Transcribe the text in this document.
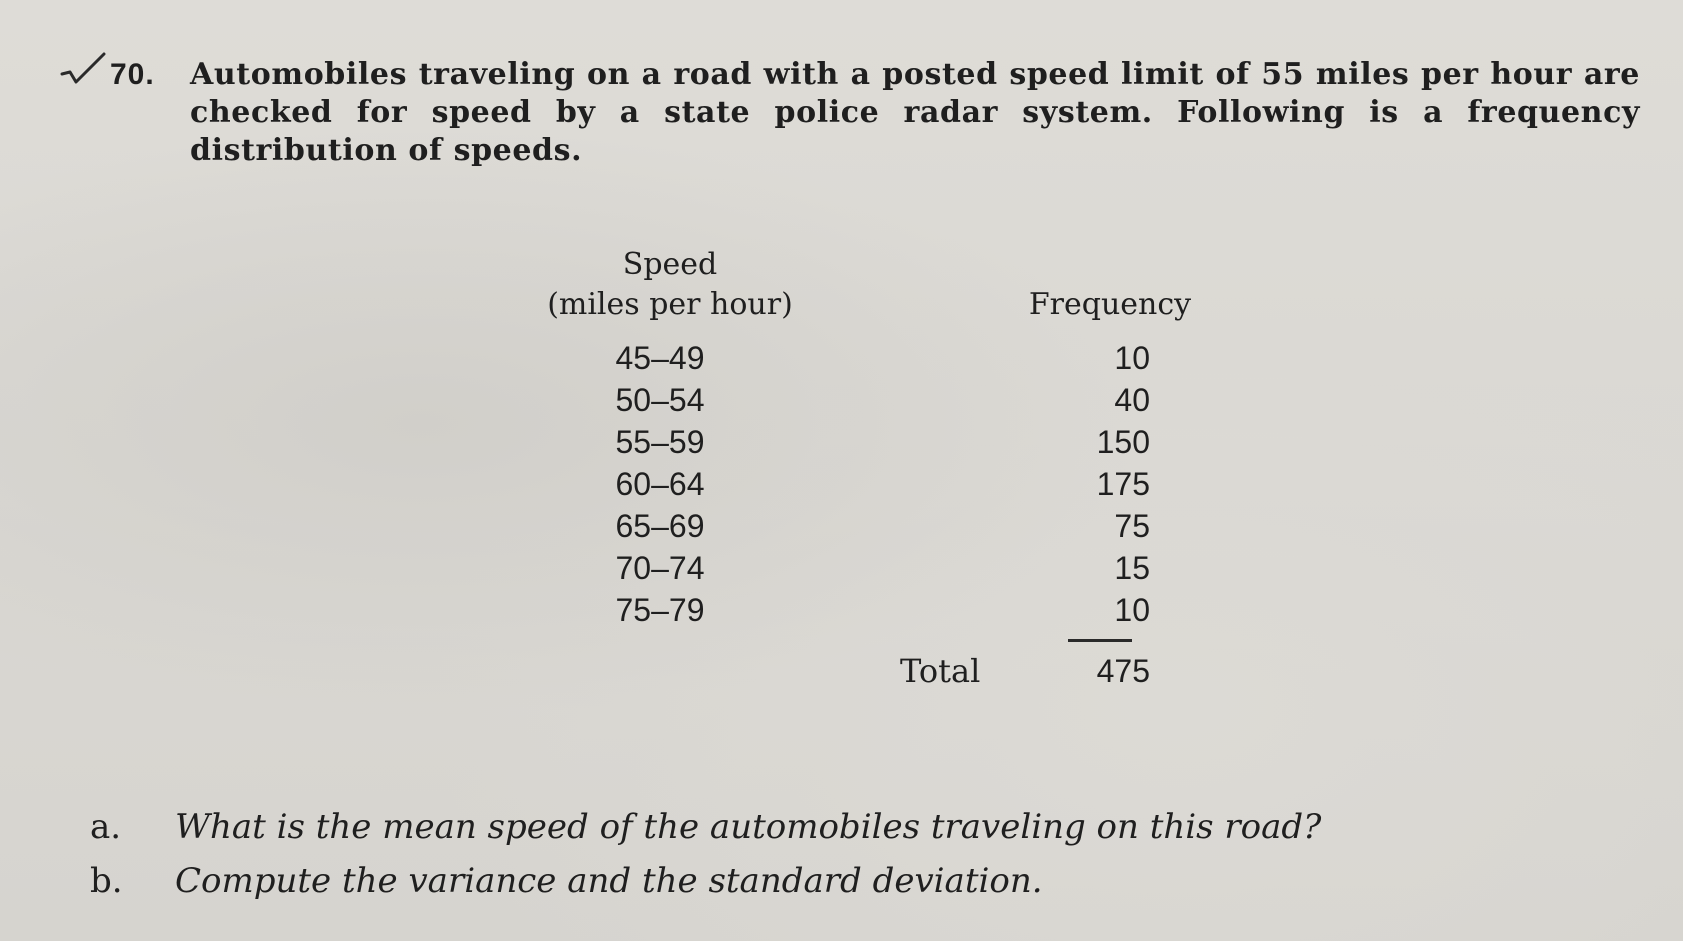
70. Automobiles traveling on a road with a posted speed limit of 55 miles per hour are checked for speed by a state police radar system. Following is a frequency distribution of speeds.
Speed
(miles per hour)	Frequency
45–49
50–54
55–59
60–64
65–69
70–74
75–79
10
40
150
175
75
15
10
Total	475
a. What is the mean speed of the automobiles traveling on this road?
b. Compute the variance and the standard deviation.
